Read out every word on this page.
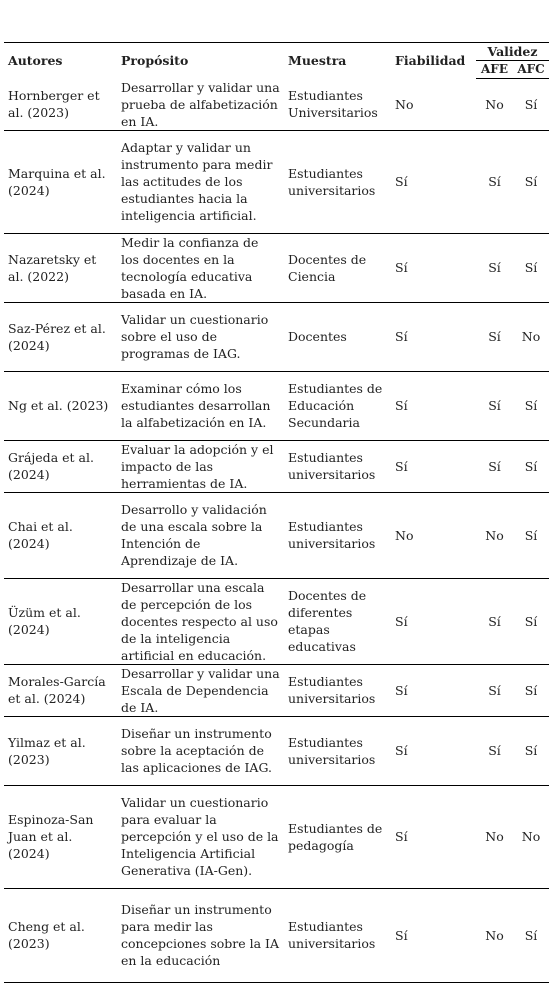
Autores	Propósito	Muestra	Fiabilidad	Validez	
				AFE	AFC
Hornberger et al. (2023)	Desarrollar y validar una prueba de alfabetización en IA.	Estudiantes Universitarios	No	No	Sí
Marquina et al. (2024)	Adaptar y validar un instrumento para medir las actitudes de los estudiantes hacia la inteligencia artificial.	Estudiantes universitarios	Sí	Sí	Sí
Nazaretsky et al. (2022)	Medir la confianza de los docentes en la tecnología educativa basada en IA.	Docentes de Ciencia	Sí	Sí	Sí
Saz-Pérez et al. (2024)	Validar un cuestionario sobre el uso de programas de IAG.	Docentes	Sí	Sí	No
Ng et al. (2023)	Examinar cómo los estudiantes desarrollan la alfabetización en IA.	Estudiantes de Educación Secundaria	Sí	Sí	Sí
Grájeda et al. (2024)	Evaluar la adopción y el impacto de las herramientas de IA.	Estudiantes universitarios	Sí	Sí	Sí
Chai et al. (2024)	Desarrollo y validación de una escala sobre la Intención de Aprendizaje de IA.	Estudiantes universitarios	No	No	Sí
Üzüm et al. (2024)	Desarrollar una escala de percepción de los docentes respecto al uso de la inteligencia artificial en educación.	Docentes de diferentes etapas educativas	Sí	Sí	Sí
Morales-García et al. (2024)	Desarrollar y validar una Escala de Dependencia de IA.	Estudiantes universitarios	Sí	Sí	Sí
Yilmaz et al. (2023)	Diseñar un instrumento sobre la aceptación de las aplicaciones de IAG.	Estudiantes universitarios	Sí	Sí	Sí
Espinoza-San Juan et al. (2024)	Validar un cuestionario para evaluar la percepción y el uso de la Inteligencia Artificial Generativa (IA-Gen).	Estudiantes de pedagogía	Sí	No	No
Cheng et al. (2023)	Diseñar un instrumento para medir las concepciones sobre la IA en la educación	Estudiantes universitarios	Sí	No	Sí
